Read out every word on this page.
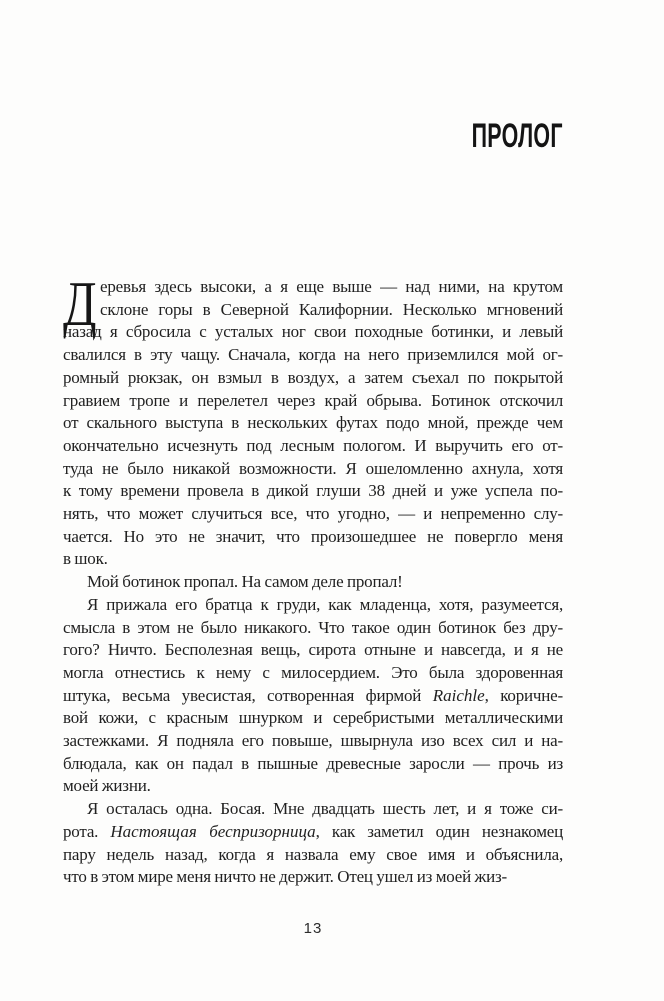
ПРОЛОГ
Д еревья здесь высоки, а я еще выше — над ними, на крутом
склоне горы в Северной Калифорнии. Несколько мгновений
назад я сбросила с усталых ног свои походные ботинки, и левый
свалился в эту чащу. Сначала, когда на него приземлился мой ог-
ромный рюкзак, он взмыл в воздух, а затем съехал по покрытой
гравием тропе и перелетел через край обрыва. Ботинок отскочил
от скального выступа в нескольких футах подо мной, прежде чем
окончательно исчезнуть под лесным пологом. И выручить его от-
туда не было никакой возможности. Я ошеломленно ахнула, хотя
к тому времени провела в дикой глуши 38 дней и уже успела по-
нять, что может случиться все, что угодно, — и непременно слу-
чается. Но это не значит, что произошедшее не повергло меня
в шок.
Мой ботинок пропал. На самом деле пропал!
Я прижала его братца к груди, как младенца, хотя, разумеется,
смысла в этом не было никакого. Что такое один ботинок без дру-
гого? Ничто. Бесполезная вещь, сирота отныне и навсегда, и я не
могла отнестись к нему с милосердием. Это была здоровенная
штука, весьма увесистая, сотворенная фирмой Raichle, коричне-
вой кожи, с красным шнурком и серебристыми металлическими
застежками. Я подняла его повыше, швырнула изо всех сил и на-
блюдала, как он падал в пышные древесные заросли — прочь из
моей жизни.
Я осталась одна. Босая. Мне двадцать шесть лет, и я тоже си-
рота. Настоящая беспризорница, как заметил один незнакомец
пару недель назад, когда я назвала ему свое имя и объяснила,
что в этом мире меня ничто не держит. Отец ушел из моей жиз-
13
